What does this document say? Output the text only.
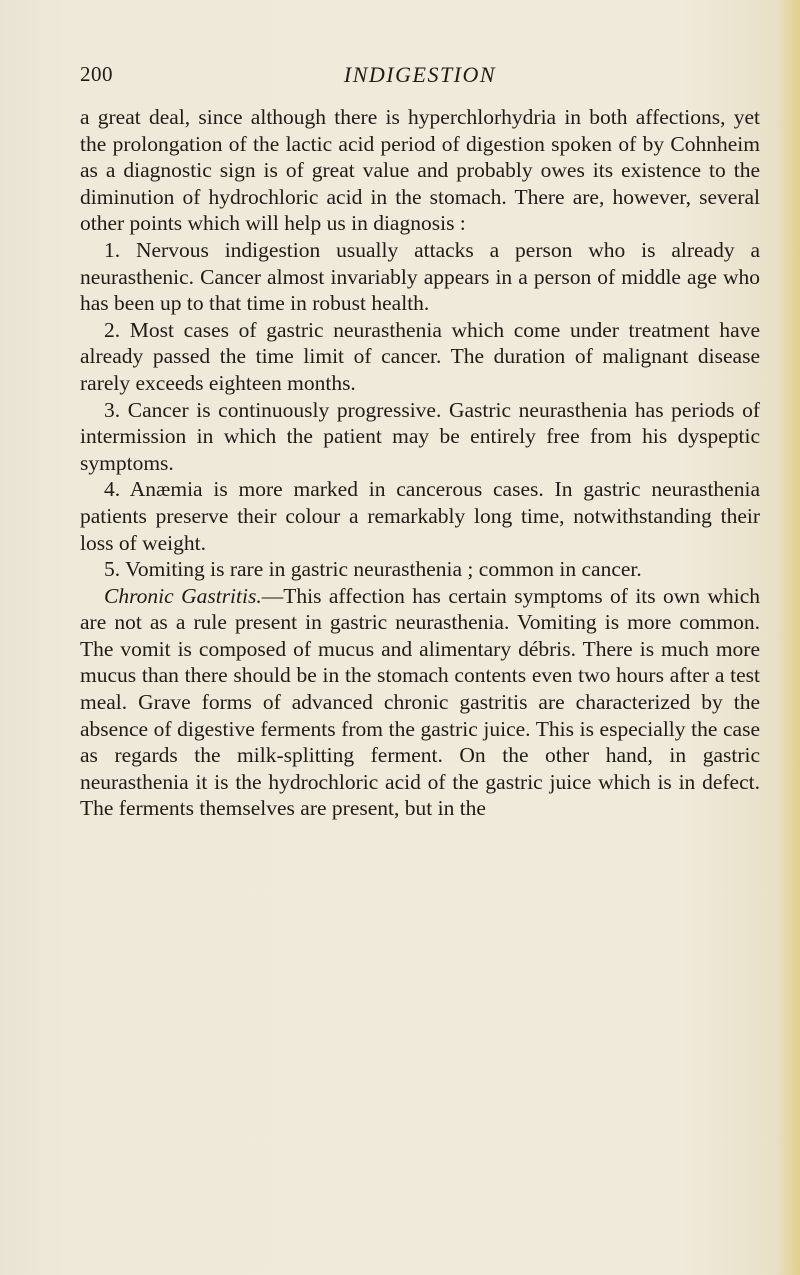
200	INDIGESTION

a great deal, since although there is hyperchlorhydria in both affections, yet the prolongation of the lactic acid period of digestion spoken of by Cohnheim as a diagnostic sign is of great value and probably owes its existence to the diminution of hydrochloric acid in the stomach. There are, however, several other points which will help us in diagnosis :

1. Nervous indigestion usually attacks a person who is already a neurasthenic. Cancer almost invariably appears in a person of middle age who has been up to that time in robust health.

2. Most cases of gastric neurasthenia which come under treatment have already passed the time limit of cancer. The duration of malignant disease rarely exceeds eighteen months.

3. Cancer is continuously progressive. Gastric neurasthenia has periods of intermission in which the patient may be entirely free from his dyspeptic symptoms.

4. Anæmia is more marked in cancerous cases. In gastric neurasthenia patients preserve their colour a remarkably long time, notwithstanding their loss of weight.

5. Vomiting is rare in gastric neurasthenia ; common in cancer.

Chronic Gastritis.—This affection has certain symptoms of its own which are not as a rule present in gastric neurasthenia. Vomiting is more common. The vomit is composed of mucus and alimentary débris. There is much more mucus than there should be in the stomach contents even two hours after a test meal. Grave forms of advanced chronic gastritis are characterized by the absence of digestive ferments from the gastric juice. This is especially the case as regards the milk-splitting ferment. On the other hand, in gastric neurasthenia it is the hydrochloric acid of the gastric juice which is in defect. The ferments themselves are present, but in the
